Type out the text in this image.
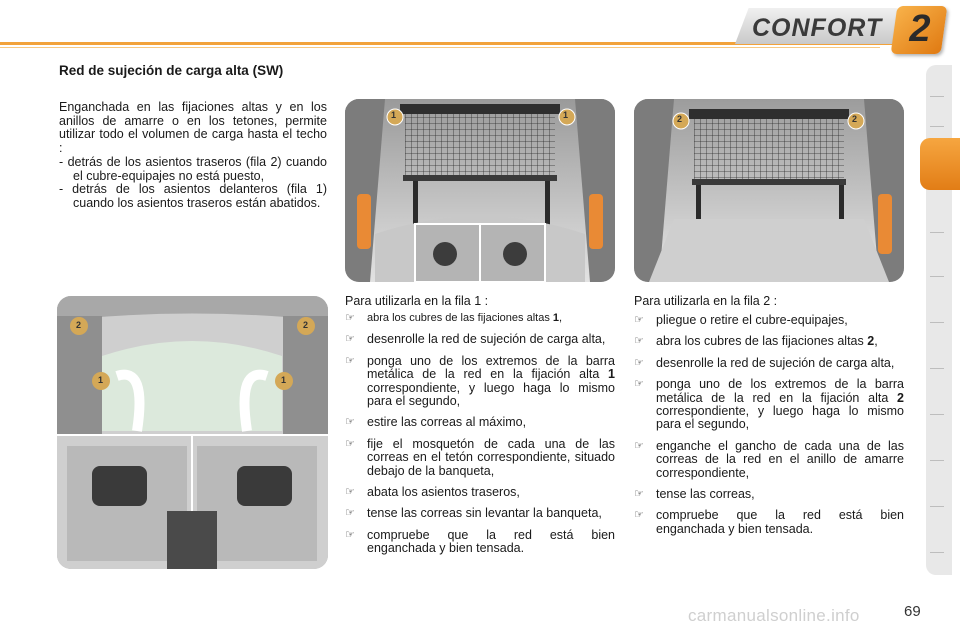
CONFORT 2
Red de sujeción de carga alta (SW)
Enganchada en las fijaciones altas y en los anillos de amarre o en los tetones, permite utilizar todo el volumen de carga hasta el techo :
- detrás de los asientos traseros (fila 2) cuando el cubre-equipajes no está puesto,
- detrás de los asientos delanteros (fila 1) cuando los asientos traseros están abatidos.
1	1	2	2
2	2
1	1
Para utilizarla en la fila 1 :
☞ abra los cubres de las fijaciones altas 1,
☞ desenrolle la red de sujeción de carga alta,
☞ ponga uno de los extremos de la barra metálica de la red en la fijación alta 1 correspondiente, y luego haga lo mismo para el segundo,
☞ estire las correas al máximo,
☞ fije el mosquetón de cada una de las correas en el tetón correspondiente, situado debajo de la banqueta,
☞ abata los asientos traseros,
☞ tense las correas sin levantar la banqueta,
☞ compruebe que la red está bien enganchada y bien tensada.
Para utilizarla en la fila 2 :
☞ pliegue o retire el cubre-equipajes,
☞ abra los cubres de las fijaciones altas 2,
☞ desenrolle la red de sujeción de carga alta,
☞ ponga uno de los extremos de la barra metálica de la red en la fijación alta 2 correspondiente, y luego haga lo mismo para el segundo,
☞ enganche el gancho de cada una de las correas de la red en el anillo de amarre correspondiente,
☞ tense las correas,
☞ compruebe que la red está bien enganchada y bien tensada.
carmanualsonline.info	69
